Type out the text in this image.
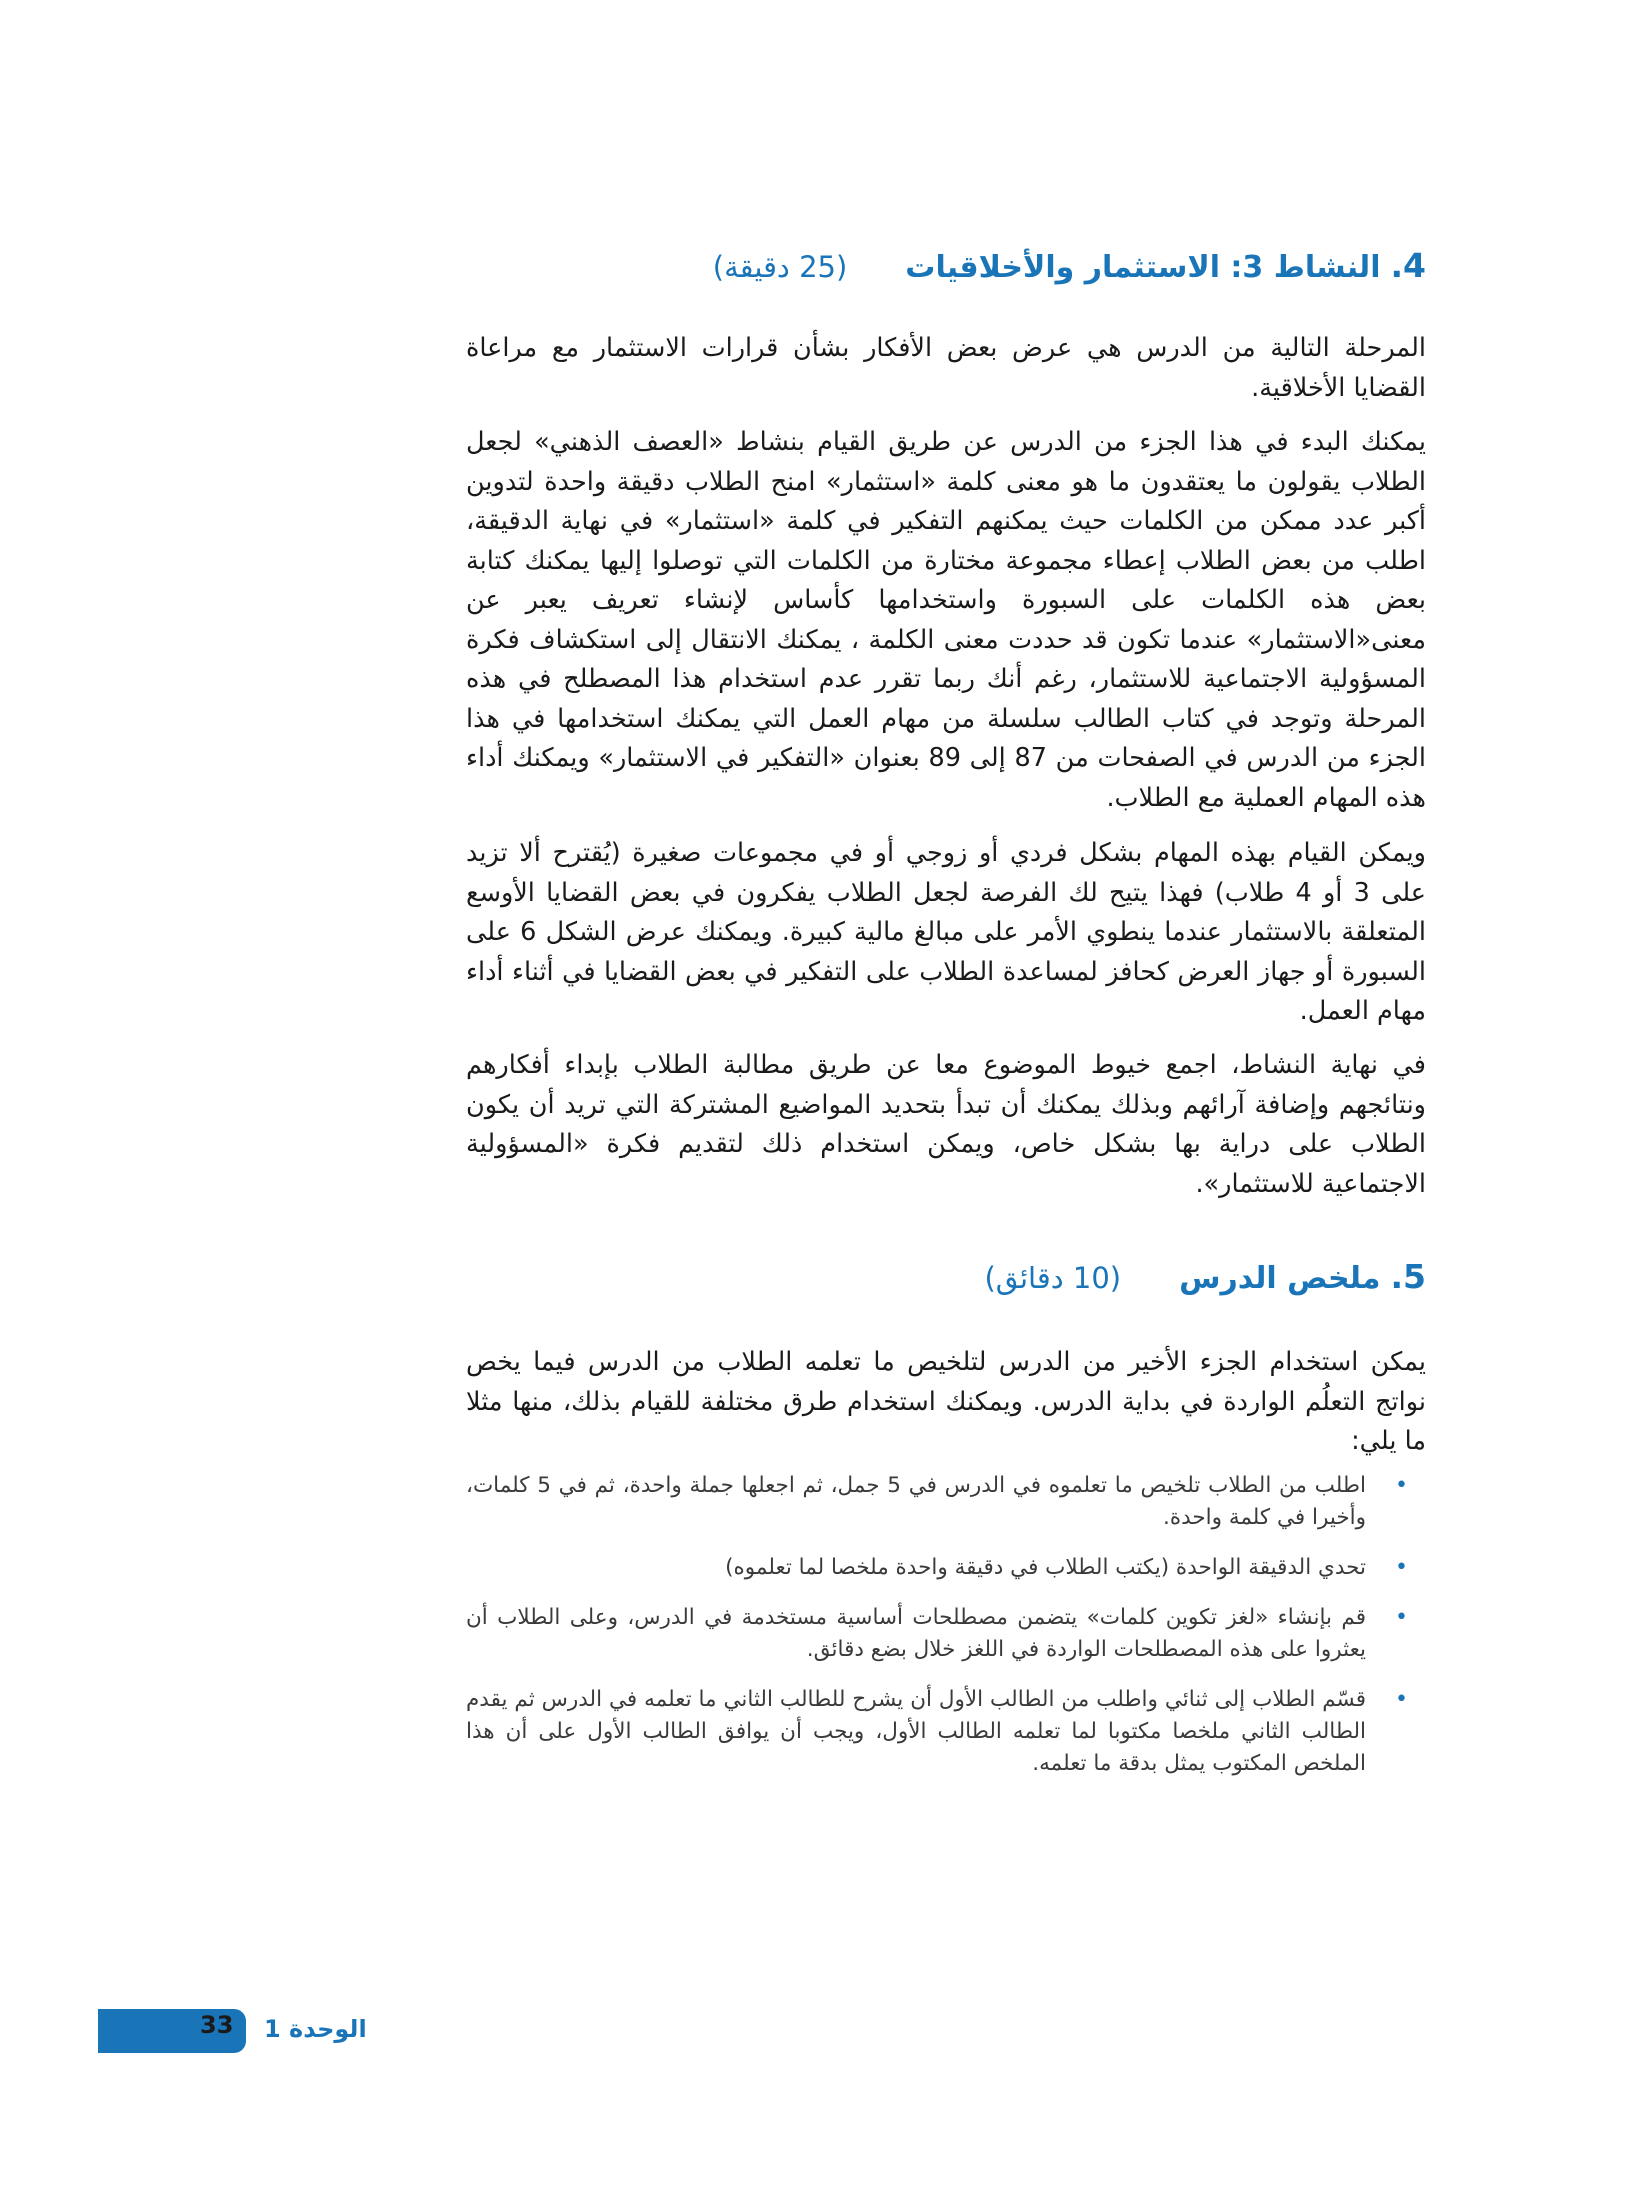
4.
النشاط 3: الاستثمار والأخلاقيات
(25 دقيقة)

المرحلة التالية من الدرس هي عرض بعض الأفكار بشأن قرارات الاستثمار مع مراعاة القضايا الأخلاقية.

يمكنك البدء في هذا الجزء من الدرس عن طريق القيام بنشاط «العصف الذهني» لجعل الطلاب يقولون ما يعتقدون ما هو معنى كلمة «استثمار» امنح الطلاب دقيقة واحدة لتدوين أكبر عدد ممكن من الكلمات حيث يمكنهم التفكير في كلمة «استثمار» في نهاية الدقيقة، اطلب من بعض الطلاب إعطاء مجموعة مختارة من الكلمات التي توصلوا إليها يمكنك كتابة بعض هذه الكلمات على السبورة واستخدامها كأساس لإنشاء تعريف يعبر عن معنى«الاستثمار» عندما تكون قد حددت معنى الكلمة ، يمكنك الانتقال إلى استكشاف فكرة المسؤولية الاجتماعية للاستثمار، رغم أنك ربما تقرر عدم استخدام هذا المصطلح في هذه المرحلة وتوجد في كتاب الطالب سلسلة من مهام العمل التي يمكنك استخدامها في هذا الجزء من الدرس في الصفحات من 87 إلى 89 بعنوان «التفكير في الاستثمار» ويمكنك أداء هذه المهام العملية مع الطلاب.

ويمكن القيام بهذه المهام بشكل فردي أو زوجي أو في مجموعات صغيرة (يُقترح ألا تزيد على 3 أو 4 طلاب) فهذا يتيح لك الفرصة لجعل الطلاب يفكرون في بعض القضايا الأوسع المتعلقة بالاستثمار عندما ينطوي الأمر على مبالغ مالية كبيرة. ويمكنك عرض الشكل 6 على السبورة أو جهاز العرض كحافز لمساعدة الطلاب على التفكير في بعض القضايا في أثناء أداء مهام العمل.

في نهاية النشاط، اجمع خيوط الموضوع معا عن طريق مطالبة الطلاب بإبداء أفكارهم ونتائجهم وإضافة آرائهم وبذلك يمكنك أن تبدأ بتحديد المواضيع المشتركة التي تريد أن يكون الطلاب على دراية بها بشكل خاص، ويمكن استخدام ذلك لتقديم فكرة «المسؤولية الاجتماعية للاستثمار».

5.
ملخص الدرس
(10 دقائق)

يمكن استخدام الجزء الأخير من الدرس لتلخيص ما تعلمه الطلاب من الدرس فيما يخص نواتج التعلُم الواردة في بداية الدرس. ويمكنك استخدام طرق مختلفة للقيام بذلك، منها مثلا ما يلي:

•
اطلب من الطلاب تلخيص ما تعلموه في الدرس في 5 جمل، ثم اجعلها جملة واحدة، ثم في 5 كلمات، وأخيرا في كلمة واحدة.
•
تحدي الدقيقة الواحدة (يكتب الطلاب في دقيقة واحدة ملخصا لما تعلموه)
•
قم بإنشاء «لغز تكوين كلمات» يتضمن مصطلحات أساسية مستخدمة في الدرس، وعلى الطلاب أن يعثروا على هذه المصطلحات الواردة في اللغز خلال بضع دقائق.
•
قسّم الطلاب إلى ثنائي واطلب من الطالب الأول أن يشرح للطالب الثاني ما تعلمه في الدرس ثم يقدم الطالب الثاني ملخصا مكتوبا لما تعلمه الطالب الأول، ويجب أن يوافق الطالب الأول على أن هذا الملخص المكتوب يمثل بدقة ما تعلمه.
33 الوحدة 1
